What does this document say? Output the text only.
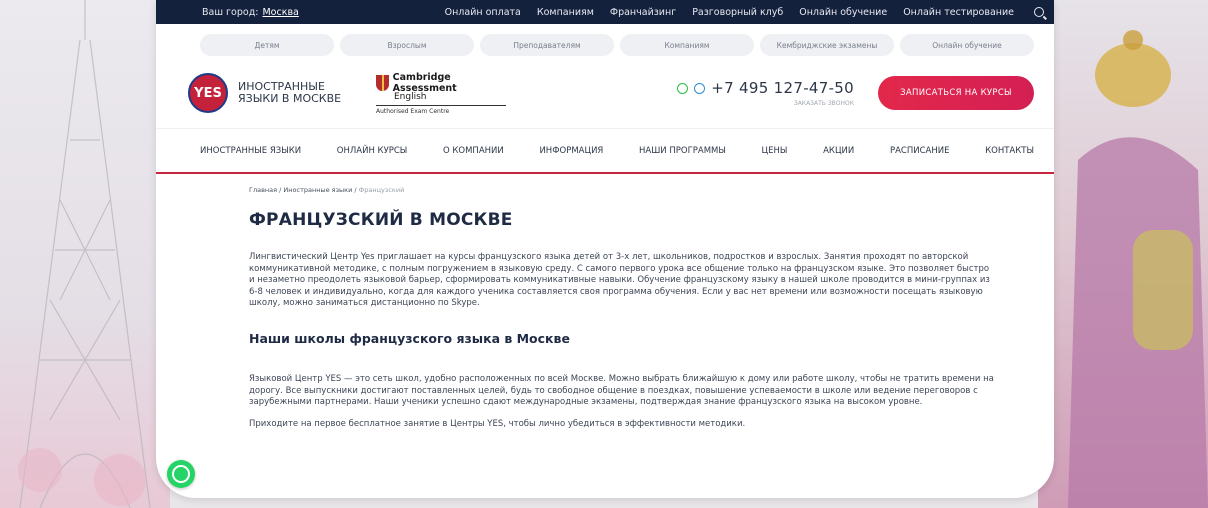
Ваш город: Москва	Онлайн оплата Компаниям Франчайзинг Разговорный клуб Онлайн обучение Онлайн тестирование
Детям	Взрослым	Преподавателям	Компаниям	Кембриджские экзамены	Онлайн обучение
YES ИНОСТРАННЫЕ ЯЗЫКИ В МОСКВЕ
Cambridge Assessment
English
Authorised Exam Centre
+7 495 127-47-50
ЗАКАЗАТЬ ЗВОНОК
ЗАПИСАТЬСЯ НА КУРСЫ
ИНОСТРАННЫЕ ЯЗЫКИ	ОНЛАЙН КУРСЫ	О КОМПАНИИ	ИНФОРМАЦИЯ	НАШИ ПРОГРАММЫ	ЦЕНЫ	АКЦИИ	РАСПИСАНИЕ	КОНТАКТЫ
Главная / Иностранные языки / Французский
ФРАНЦУЗСКИЙ В МОСКВЕ

Лингвистический Центр Yes приглашает на курсы французского языка детей от 3-х лет, школьников, подростков и взрослых. Занятия проходят по авторской коммуникативной методике, с полным погружением в языковую среду. С самого первого урока все общение только на французском языке. Это позволяет быстро и незаметно преодолеть языковой барьер, сформировать коммуникативные навыки. Обучение французскому языку в нашей школе проводится в мини-группах из 6-8 человек и индивидуально, когда для каждого ученика составляется своя программа обучения. Если у вас нет времени или возможности посещать языковую школу, можно заниматься дистанционно по Skype.

Наши школы французского языка в Москве

Языковой Центр YES — это сеть школ, удобно расположенных по всей Москве. Можно выбрать ближайшую к дому или работе школу, чтобы не тратить времени на дорогу. Все выпускники достигают поставленных целей, будь то свободное общение в поездках, повышение успеваемости в школе или ведение переговоров с зарубежными партнерами. Наши ученики успешно сдают международные экзамены, подтверждая знание французского языка на высоком уровне.

Приходите на первое бесплатное занятие в Центры YES, чтобы лично убедиться в эффективности методики.
